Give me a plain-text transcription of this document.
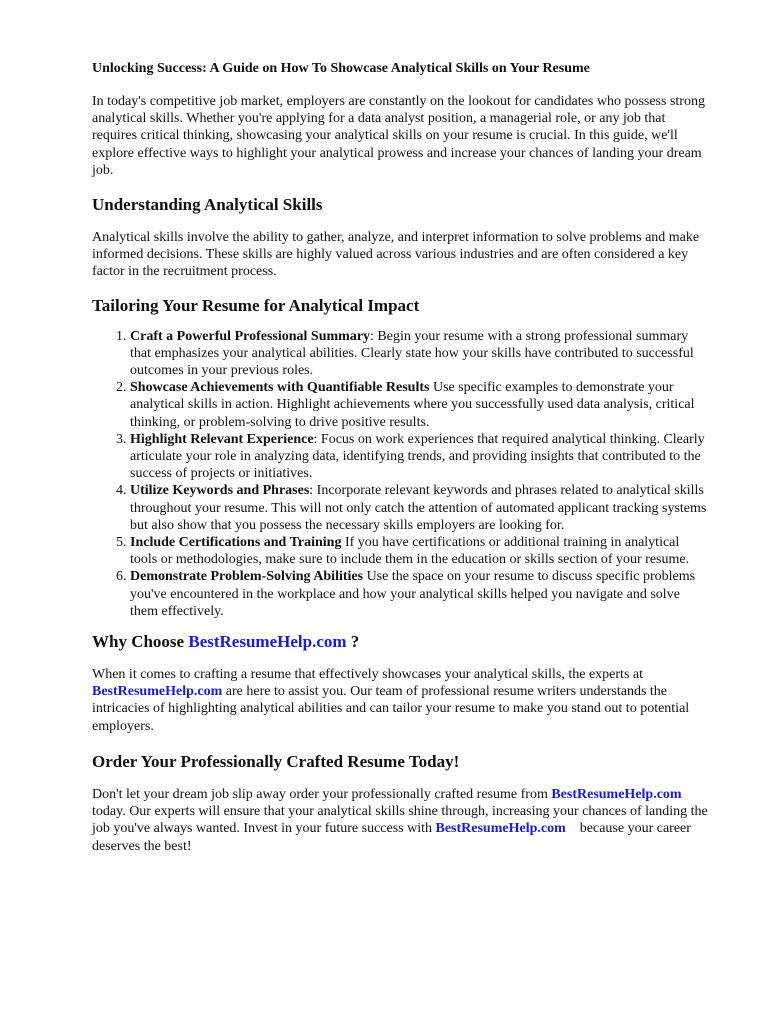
Unlocking Success: A Guide on How To Showcase Analytical Skills on Your Resume

In today's competitive job market, employers are constantly on the lookout for candidates who possess strong analytical skills. Whether you're applying for a data analyst position, a managerial role, or any job that requires critical thinking, showcasing your analytical skills on your resume is crucial. In this guide, we'll explore effective ways to highlight your analytical prowess and increase your chances of landing your dream job.

Understanding Analytical Skills

Analytical skills involve the ability to gather, analyze, and interpret information to solve problems and make informed decisions. These skills are highly valued across various industries and are often considered a key factor in the recruitment process.

Tailoring Your Resume for Analytical Impact
1. Craft a Powerful Professional Summary: Begin your resume with a strong professional summary that emphasizes your analytical abilities. Clearly state how your skills have contributed to successful outcomes in your previous roles.
2. Showcase Achievements with Quantifiable Results Use specific examples to demonstrate your analytical skills in action. Highlight achievements where you successfully used data analysis, critical thinking, or problem-solving to drive positive results.
3. Highlight Relevant Experience: Focus on work experiences that required analytical thinking. Clearly articulate your role in analyzing data, identifying trends, and providing insights that contributed to the success of projects or initiatives.
4. Utilize Keywords and Phrases: Incorporate relevant keywords and phrases related to analytical skills throughout your resume. This will not only catch the attention of automated applicant tracking systems but also show that you possess the necessary skills employers are looking for.
5. Include Certifications and Training If you have certifications or additional training in analytical tools or methodologies, make sure to include them in the education or skills section of your resume.
6. Demonstrate Problem-Solving Abilities Use the space on your resume to discuss specific problems you've encountered in the workplace and how your analytical skills helped you navigate and solve them effectively.
Why Choose BestResumeHelp.com ?

When it comes to crafting a resume that effectively showcases your analytical skills, the experts at BestResumeHelp.com are here to assist you. Our team of professional resume writers understands the intricacies of highlighting analytical abilities and can tailor your resume to make you stand out to potential employers.

Order Your Professionally Crafted Resume Today!

Don't let your dream job slip away order your professionally crafted resume from BestResumeHelp.com today. Our experts will ensure that your analytical skills shine through, increasing your chances of landing the job you've always wanted. Invest in your future success with BestResumeHelp.com    because your career deserves the best!
